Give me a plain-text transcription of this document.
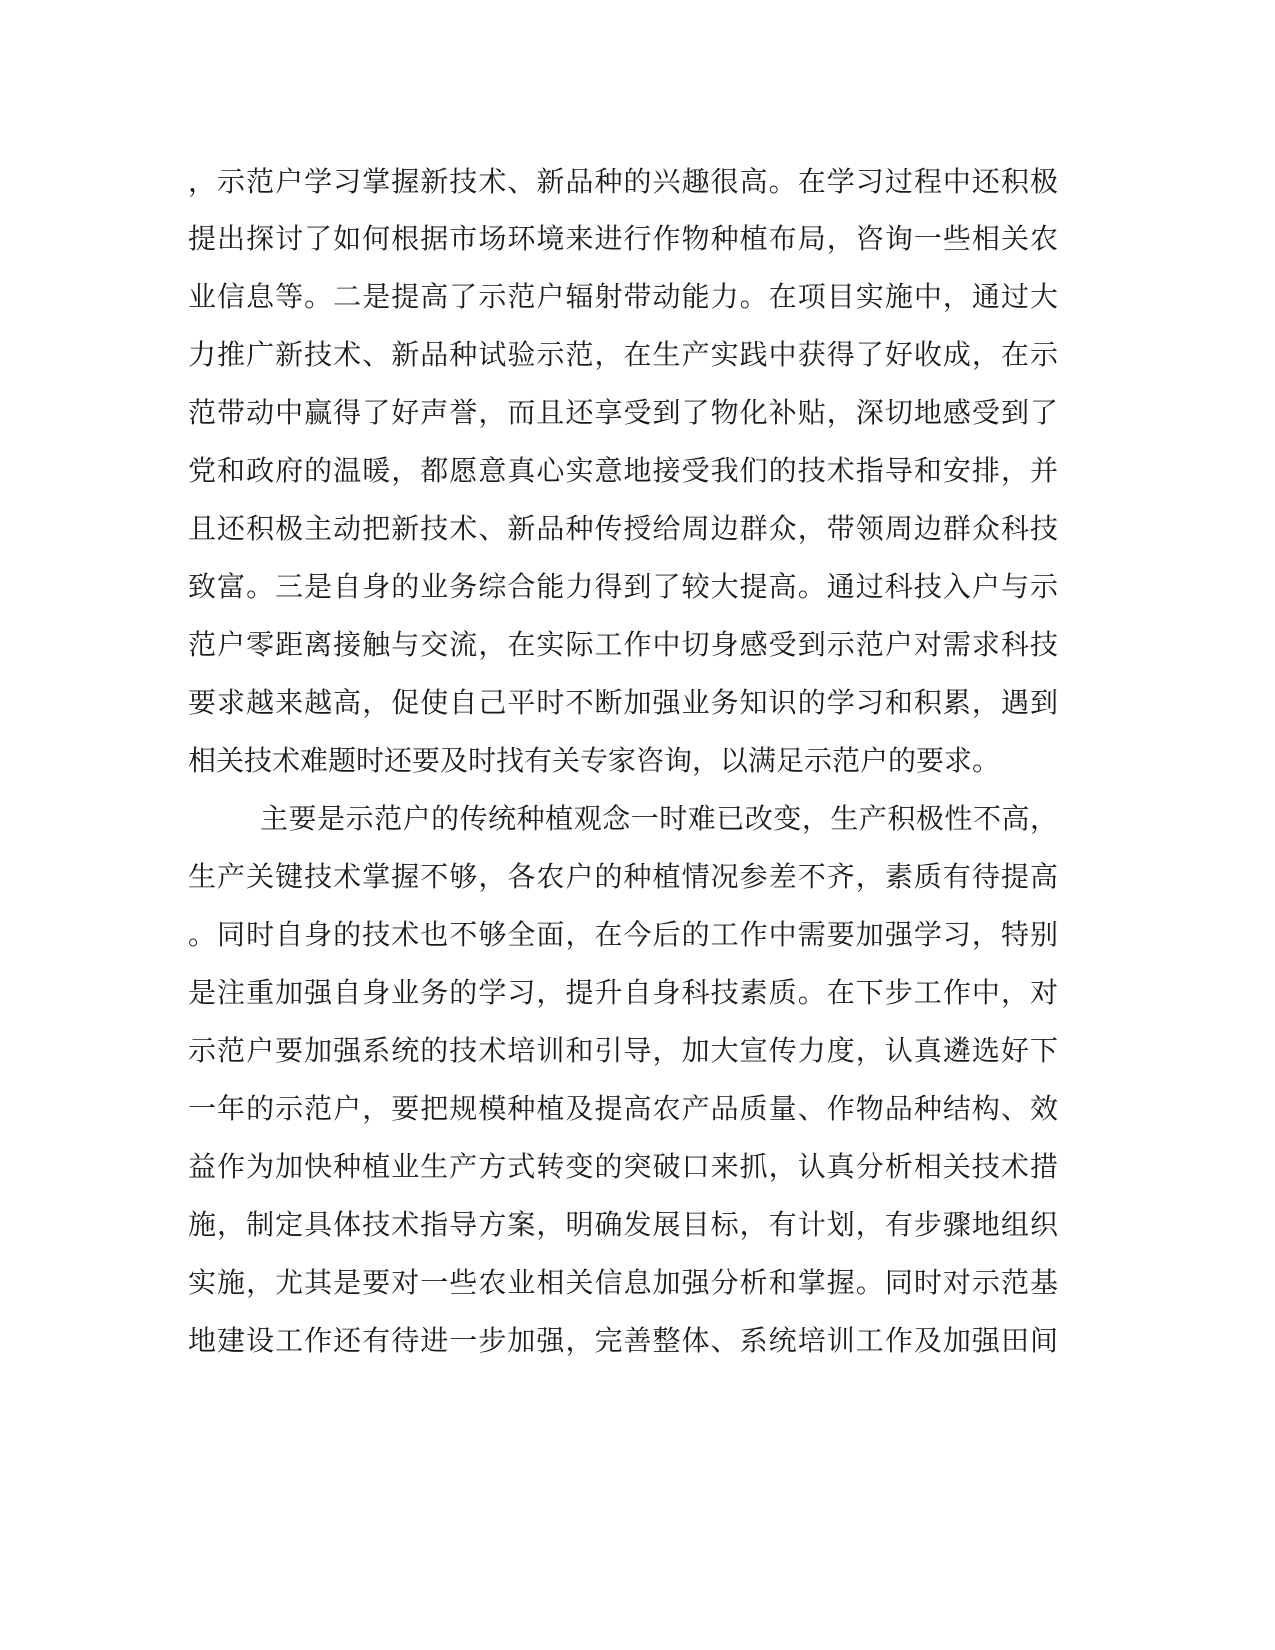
，示范户学习掌握新技术、新品种的兴趣很高。在学习过程中还积极
提出探讨了如何根据市场环境来进行作物种植布局，咨询一些相关农
业信息等。二是提高了示范户辐射带动能力。在项目实施中，通过大
力推广新技术、新品种试验示范，在生产实践中获得了好收成，在示
范带动中赢得了好声誉，而且还享受到了物化补贴，深切地感受到了
党和政府的温暖，都愿意真心实意地接受我们的技术指导和安排，并
且还积极主动把新技术、新品种传授给周边群众，带领周边群众科技
致富。三是自身的业务综合能力得到了较大提高。通过科技入户与示
范户零距离接触与交流，在实际工作中切身感受到示范户对需求科技
要求越来越高，促使自己平时不断加强业务知识的学习和积累，遇到
相关技术难题时还要及时找有关专家咨询，以满足示范户的要求。
主要是示范户的传统种植观念一时难已改变，生产积极性不高，
生产关键技术掌握不够，各农户的种植情况参差不齐，素质有待提高
。同时自身的技术也不够全面，在今后的工作中需要加强学习，特别
是注重加强自身业务的学习，提升自身科技素质。在下步工作中，对
示范户要加强系统的技术培训和引导，加大宣传力度，认真遴选好下
一年的示范户，要把规模种植及提高农产品质量、作物品种结构、效
益作为加快种植业生产方式转变的突破口来抓，认真分析相关技术措
施，制定具体技术指导方案，明确发展目标，有计划，有步骤地组织
实施，尤其是要对一些农业相关信息加强分析和掌握。同时对示范基
地建设工作还有待进一步加强，完善整体、系统培训工作及加强田间
